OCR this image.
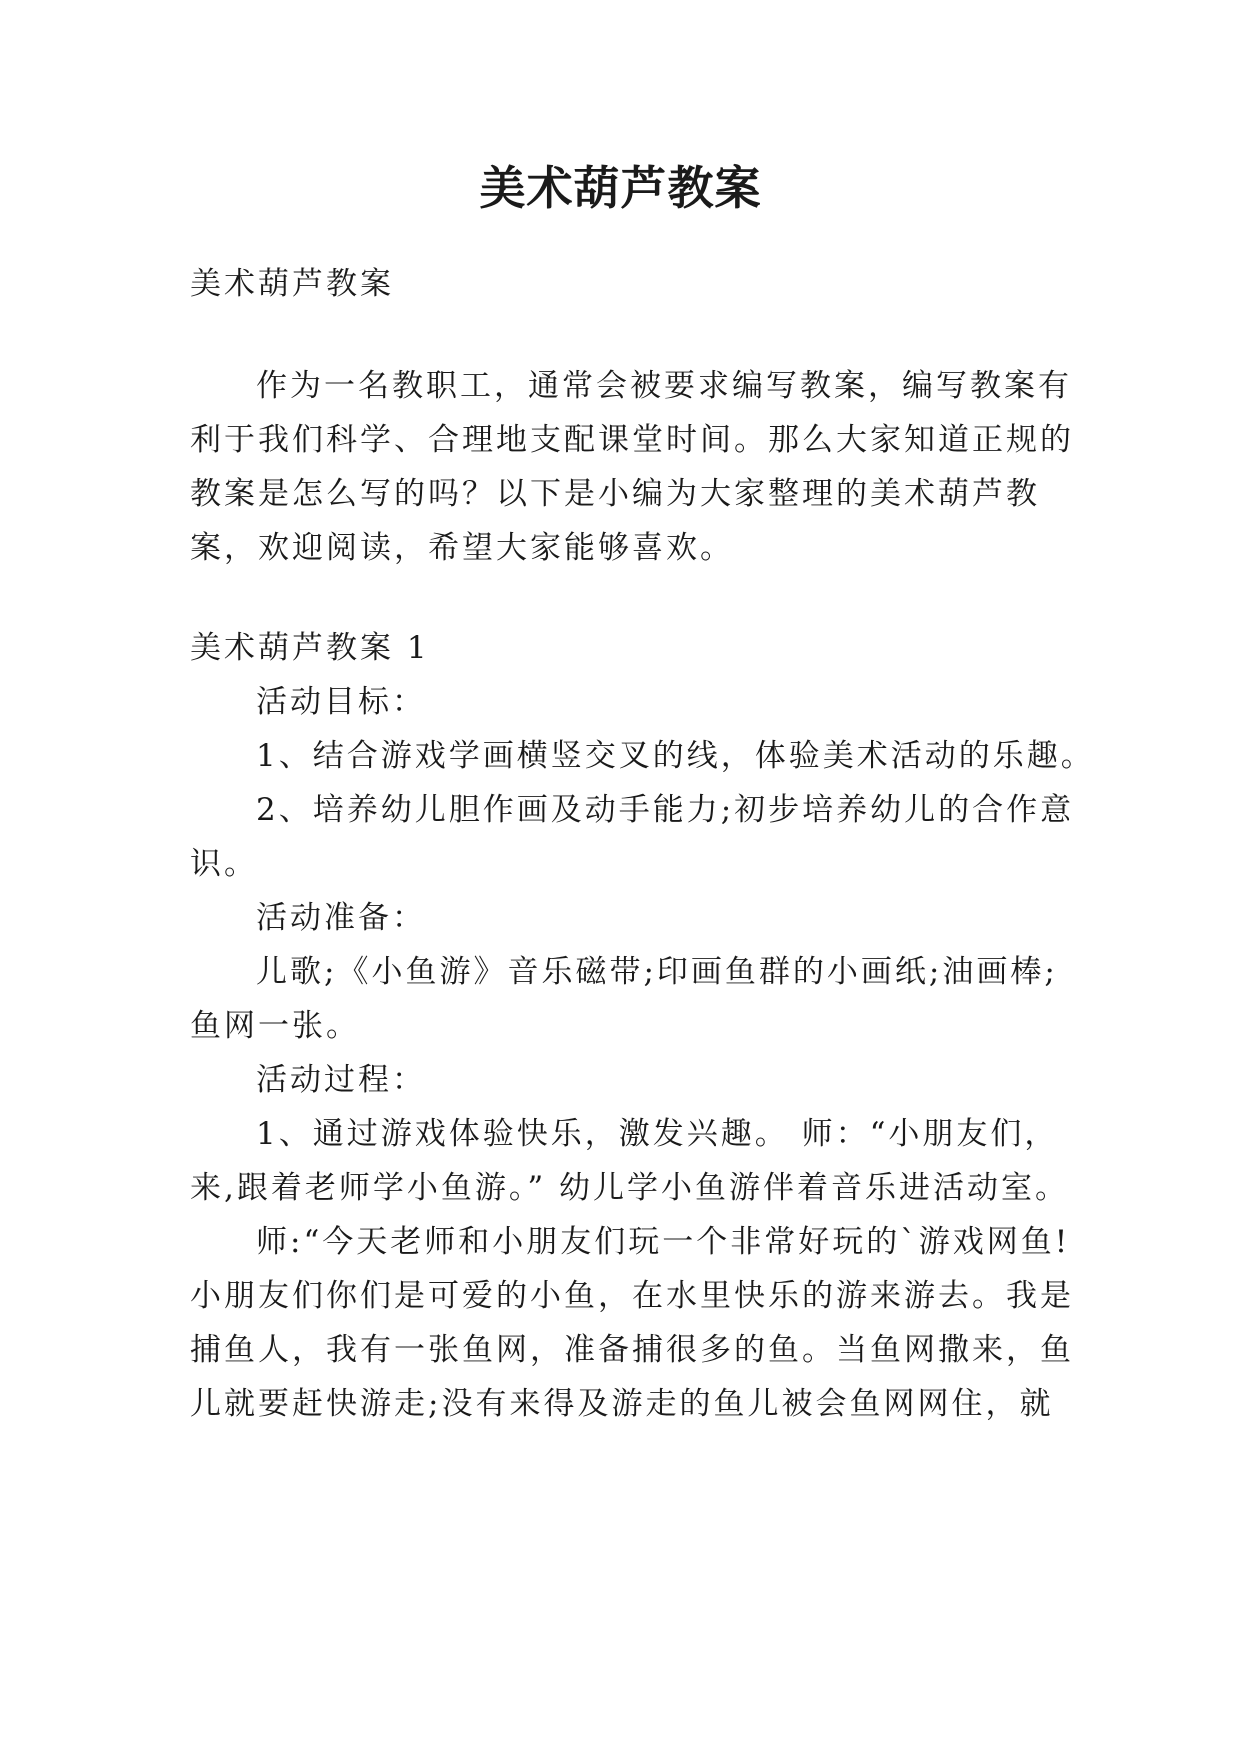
美术葫芦教案

美术葫芦教案

作为一名教职工，通常会被要求编写教案，编写教案有

利于我们科学、合理地支配课堂时间。那么大家知道正规的

教案是怎么写的吗？以下是小编为大家整理的美术葫芦教

案，欢迎阅读，希望大家能够喜欢。

美术葫芦教案 1

活动目标：

1、结合游戏学画横竖交叉的线，体验美术活动的乐趣。

2、培养幼儿胆作画及动手能力;初步培养幼儿的合作意

识。

活动准备：

儿歌;《小鱼游》音乐磁带;印画鱼群的小画纸;油画棒;

鱼网一张。

活动过程：

1、通过游戏体验快乐，激发兴趣。 师：“小朋友们，

来,跟着老师学小鱼游。” 幼儿学小鱼游伴着音乐进活动室。

师:“今天老师和小朋友们玩一个非常好玩的`游戏网鱼!

小朋友们你们是可爱的小鱼，在水里快乐的游来游去。我是

捕鱼人，我有一张鱼网，准备捕很多的鱼。当鱼网撒来，鱼

儿就要赶快游走;没有来得及游走的鱼儿被会鱼网网住，就
